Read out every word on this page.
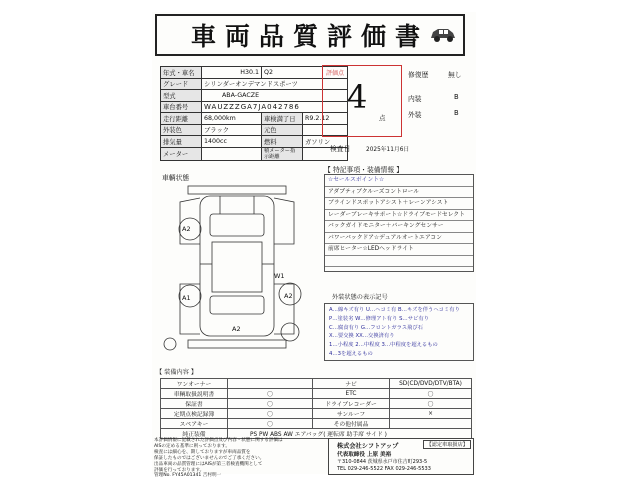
車両品質評価書
年式・車名	H30.1	Q2	
グレード	シリンダーオンデマンドスポーツ		
型式	ABA-GACZE		
車台番号	WAUZZZGA7JA042786		
走行距離	68,000km	車検満了日	R9.2.12
外装色	ブラック	元色	
排気量	1400cc	燃料	ガソリン
メーター		積メーター指示距離	
評価点
4
点
修復歴	無し
内装	B
外装	B
検査日	2025年11月6日
【 特記事項・装備情報 】
☆セールスポイント☆
アダプティブクルーズコントロール
ブラインドスポットアシスト＋レーンアシスト
レーダーブレーキサポート☆ドライブモードセレクト
バックガイドモニター＋パーキングセンサー
パワーバックドア☆デュアルオートエアコン
前席ヒーター☆LEDヘッドライト
車輌状態
A2
W1
A1	A2
A2
外装状態の表示記号
A…線キズ有り U…ヘコミ有 B…キズを伴うヘコミ有り
P…塗装劣 W…修理アト有り S…サビ有り
C…腐食有り G…フロントガラス飛び石
X…要交換 XX…交換済有り
1…小程度 2…中程度 3…中程度を超えるもの
4…3を超えるもの
【 装備内容 】
ワンオーナー		ナビ	SD(CD/DVD/DTV/BTA)
車輌取扱説明書	〇	ETC	〇
保証書	〇	ドライブレコーダー	〇
定期点検記録簿	〇	サンルーフ	×
スペアキー	〇	その他付属品	
純正装備	PS PW ABS AW エアバッグ( 運転席 助手席 サイド )		
本評価情報に記載された評価点及び内容・状態に関する評価は
AISの定める基準に則っております。
検査には細心を、期しておりますが車両品質を
保証したものではございませんのでご了承ください。
出品車両の品質管理にはAISが第三者検査機関として
評価を行っております。
管理No. FY45A01341 吉村明一
【認定車取扱店】
株式会社シフトアップ
代表取締役 上原 美裕
〒310-0844 茨城県水戸市住吉町293-5
TEL 029-246-5522 FAX 029-246-5533
